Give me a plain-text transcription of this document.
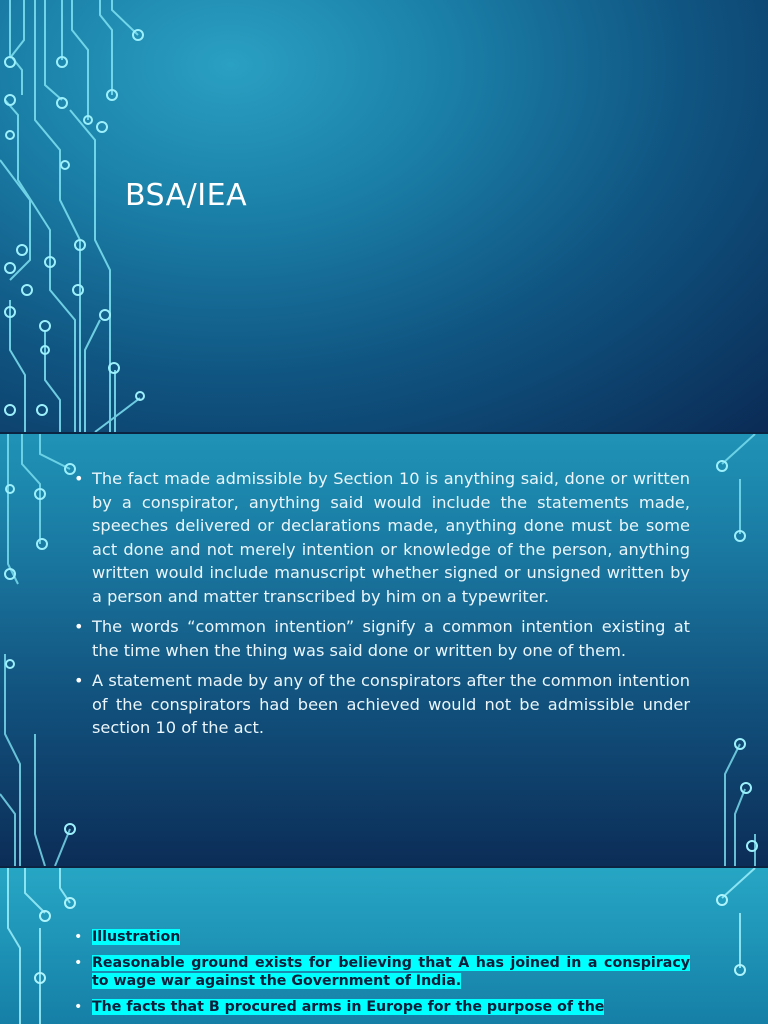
BSA/IEA
• The fact made admissible by Section 10 is anything said, done or written by a conspirator, anything said would include the statements made, speeches delivered or declarations made, anything done must be some act done and not merely intention or knowledge of the person, anything written would include manuscript whether signed or unsigned written by a person and matter transcribed by him on a typewriter.
• The words “common intention” signify a common intention existing at the time when the thing was said done or written by one of them.
• A statement made by any of the conspirators after the common intention of the conspirators had been achieved would not be admissible under section 10 of the act.
• Illustration
• Reasonable ground exists for believing that A has joined in a conspiracy to wage war against the Government of India.
• The facts that B procured arms in Europe for the purpose of the
